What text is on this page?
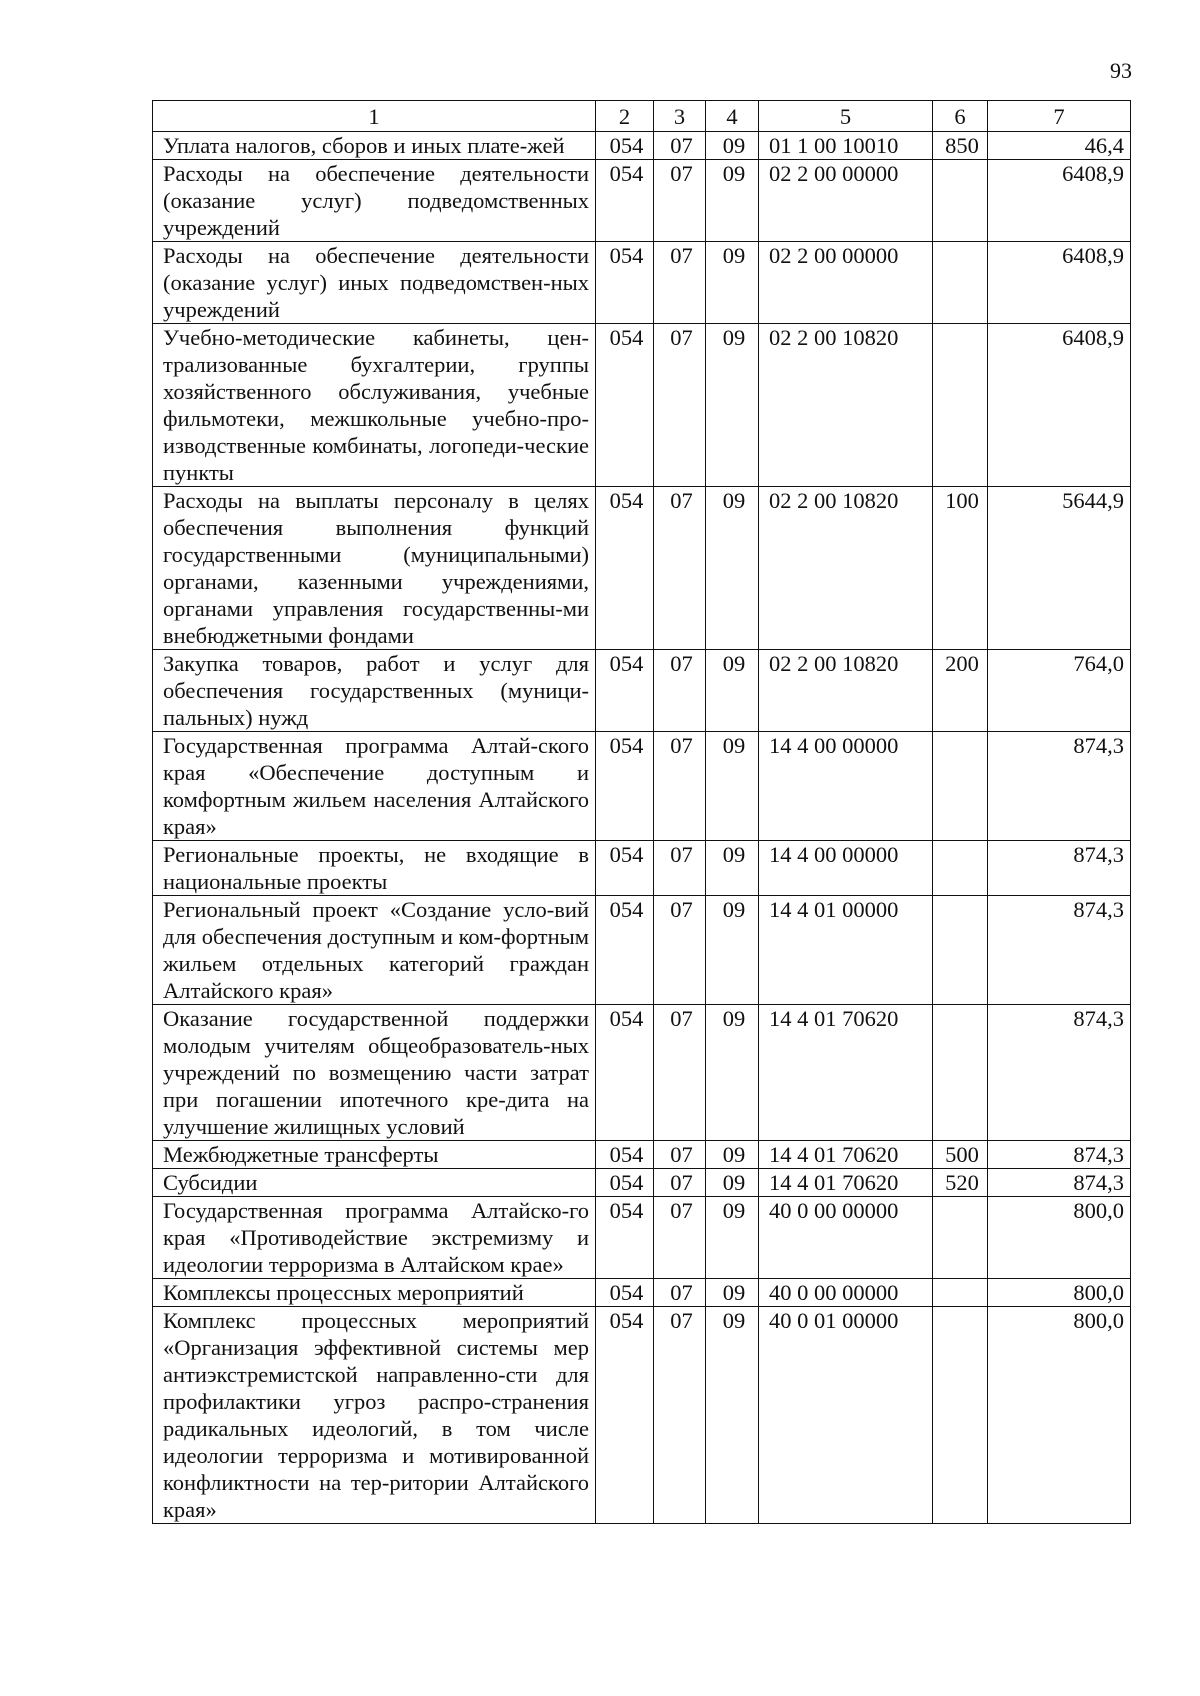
93
1	2	3	4	5	6	7
Уплата налогов, сборов и иных плате-жей	054	07	09	01 1 00 10010	850	46,4
Расходы на обеспечение деятельности (оказание услуг) подведомственных учреждений	054	07	09	02 2 00 00000		6408,9
Расходы на обеспечение деятельности (оказание услуг) иных подведомствен-ных учреждений	054	07	09	02 2 00 00000		6408,9
Учебно-методические кабинеты, цен-трализованные бухгалтерии, группы хозяйственного обслуживания, учебные фильмотеки, межшкольные учебно-про-изводственные комбинаты, логопеди-ческие пункты	054	07	09	02 2 00 10820		6408,9
Расходы на выплаты персоналу в целях обеспечения выполнения функций государственными (муниципальными) органами, казенными учреждениями, органами управления государственны-ми внебюджетными фондами	054	07	09	02 2 00 10820	100	5644,9
Закупка товаров, работ и услуг для обеспечения государственных (муници-пальных) нужд	054	07	09	02 2 00 10820	200	764,0
Государственная программа Алтай-ского края «Обеспечение доступным и комфортным жильем населения Алтайского края»	054	07	09	14 4 00 00000		874,3
Региональные проекты, не входящие в национальные проекты	054	07	09	14 4 00 00000		874,3
Региональный проект «Создание усло-вий для обеспечения доступным и ком-фортным жильем отдельных категорий граждан Алтайского края»	054	07	09	14 4 01 00000		874,3
Оказание государственной поддержки молодым учителям общеобразователь-ных учреждений по возмещению части затрат при погашении ипотечного кре-дита на улучшение жилищных условий	054	07	09	14 4 01 70620		874,3
Межбюджетные трансферты	054	07	09	14 4 01 70620	500	874,3
Субсидии	054	07	09	14 4 01 70620	520	874,3
Государственная программа Алтайско-го края «Противодействие экстремизму и идеологии терроризма в Алтайском крае»	054	07	09	40 0 00 00000		800,0
Комплексы процессных мероприятий	054	07	09	40 0 00 00000		800,0
Комплекс процессных мероприятий «Организация эффективной системы мер антиэкстремистской направленно-сти для профилактики угроз распро-странения радикальных идеологий, в том числе идеологии терроризма и мотивированной конфликтности на тер-ритории Алтайского края»	054	07	09	40 0 01 00000		800,0
